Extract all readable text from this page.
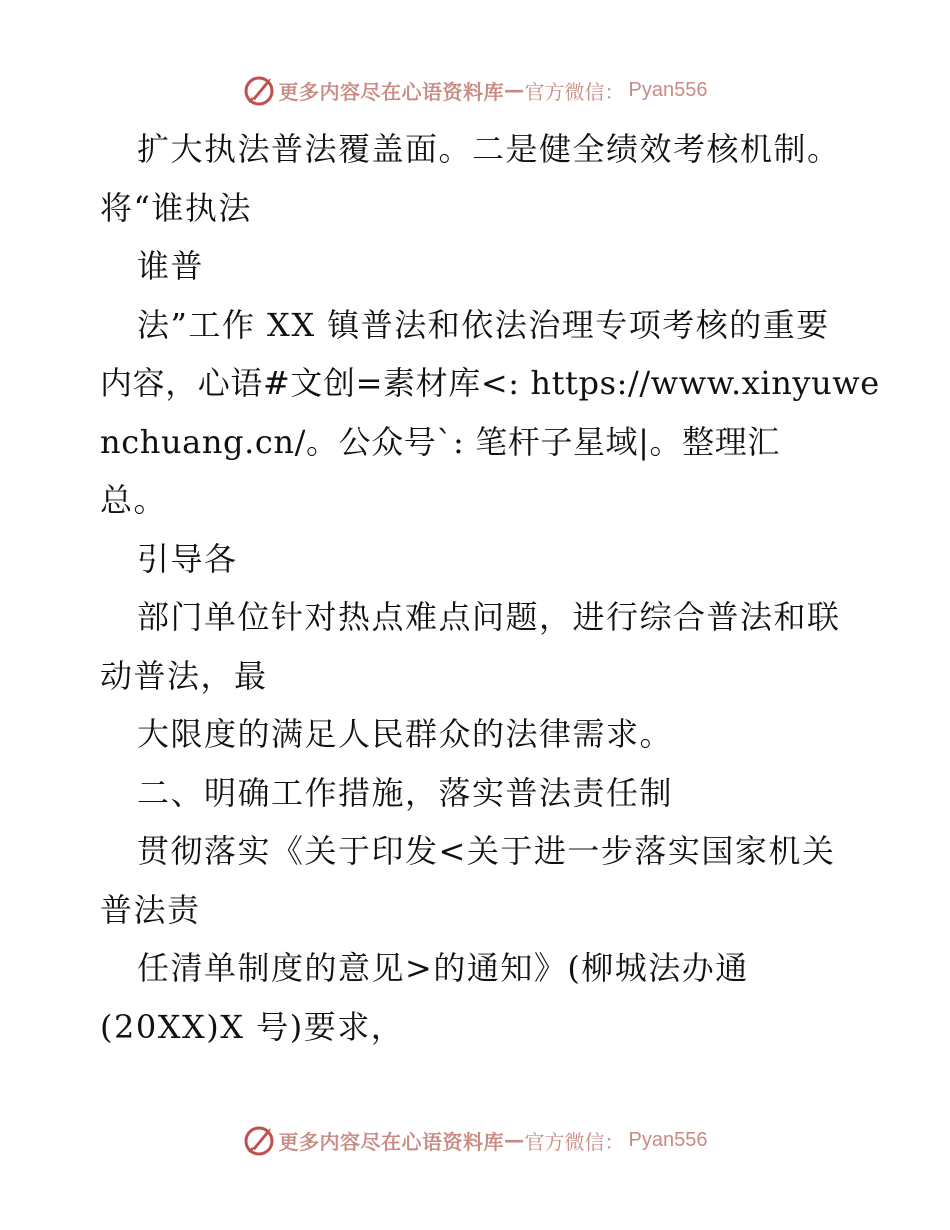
更多内容尽在心语资料库 — 官方微信： Pyan556
扩大执法普法覆盖面。二是健全绩效考核机制。
将“谁执法
谁普
法”工作 XX 镇普法和依法治理专项考核的重要
内容，心语#文创=素材库<: https://www.xinyuwe
nchuang.cn/。公众号`: 笔杆子星域|。整理汇
总。
引导各
部门单位针对热点难点问题，进行综合普法和联
动普法，最
大限度的满足人民群众的法律需求。
二、明确工作措施，落实普法责任制
贯彻落实《关于印发<关于进一步落实国家机关
普法责
任清单制度的意见>的通知》(柳城法办通
(20XX)X 号)要求，
更多内容尽在心语资料库 — 官方微信： Pyan556
